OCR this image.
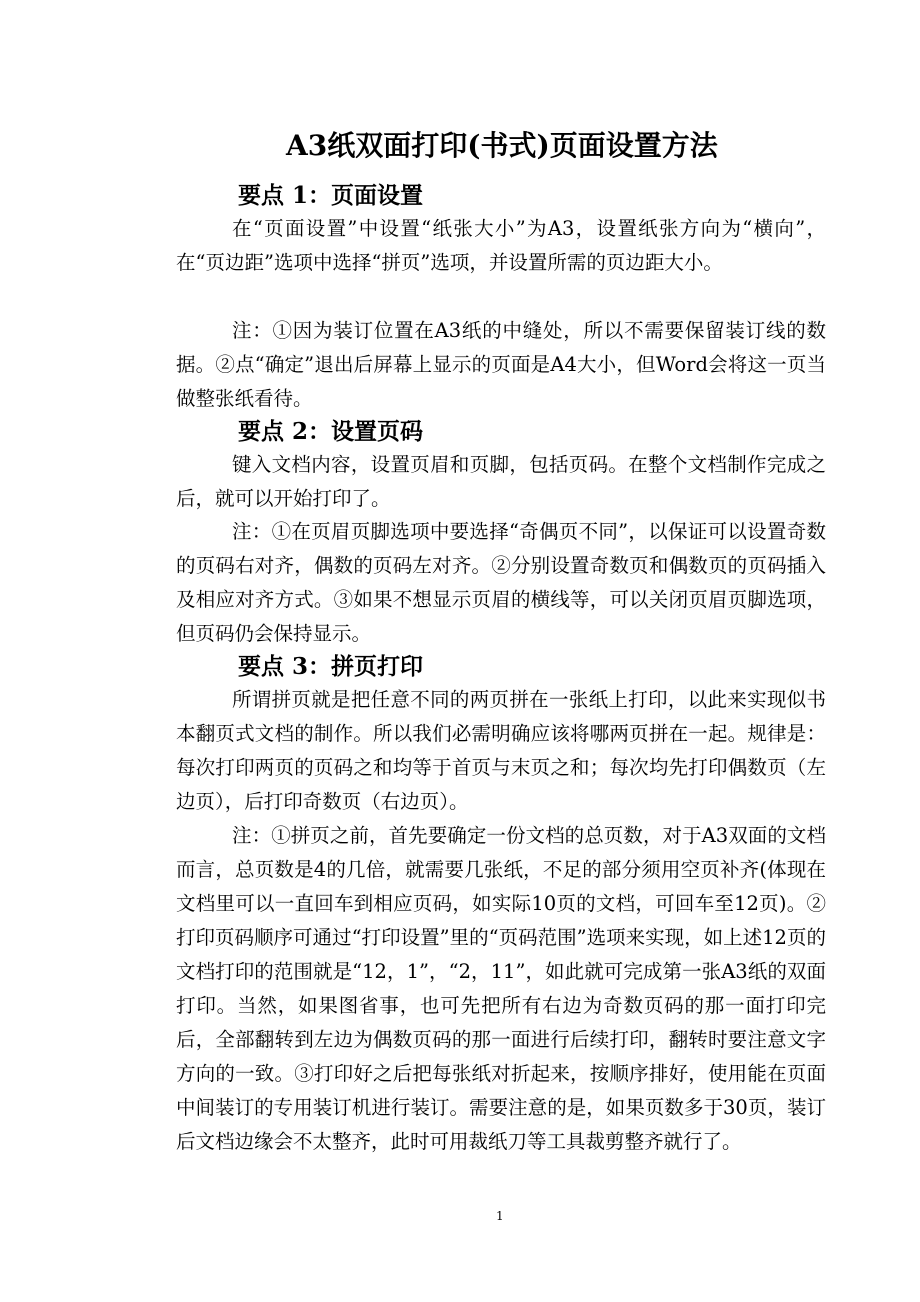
A3纸双面打印(书式)页面设置方法
要点 1：页面设置
在“页面设置”中设置“纸张大小”为A3，设置纸张方向为“横向”，在“页边距”选项中选择“拼页”选项，并设置所需的页边距大小。
注：①因为装订位置在A3纸的中缝处，所以不需要保留装订线的数据。②点“确定”退出后屏幕上显示的页面是A4大小，但Word会将这一页当做整张纸看待。
要点 2：设置页码
键入文档内容，设置页眉和页脚，包括页码。在整个文档制作完成之后，就可以开始打印了。
注：①在页眉页脚选项中要选择“奇偶页不同”，以保证可以设置奇数的页码右对齐，偶数的页码左对齐。②分别设置奇数页和偶数页的页码插入及相应对齐方式。③如果不想显示页眉的横线等，可以关闭页眉页脚选项，但页码仍会保持显示。
要点 3：拼页打印
所谓拼页就是把任意不同的两页拼在一张纸上打印，以此来实现似书本翻页式文档的制作。所以我们必需明确应该将哪两页拼在一起。规律是：每次打印两页的页码之和均等于首页与末页之和；每次均先打印偶数页（左边页），后打印奇数页（右边页）。
注：①拼页之前，首先要确定一份文档的总页数，对于A3双面的文档而言，总页数是4的几倍，就需要几张纸，不足的部分须用空页补齐(体现在文档里可以一直回车到相应页码，如实际10页的文档，可回车至12页)。②打印页码顺序可通过“打印设置”里的“页码范围”选项来实现，如上述12页的文档打印的范围就是“12，1”，“2，11”，如此就可完成第一张A3纸的双面打印。当然，如果图省事，也可先把所有右边为奇数页码的那一面打印完后，全部翻转到左边为偶数页码的那一面进行后续打印，翻转时要注意文字方向的一致。③打印好之后把每张纸对折起来，按顺序排好，使用能在页面中间装订的专用装订机进行装订。需要注意的是，如果页数多于30页，装订后文档边缘会不太整齐，此时可用裁纸刀等工具裁剪整齐就行了。
1
